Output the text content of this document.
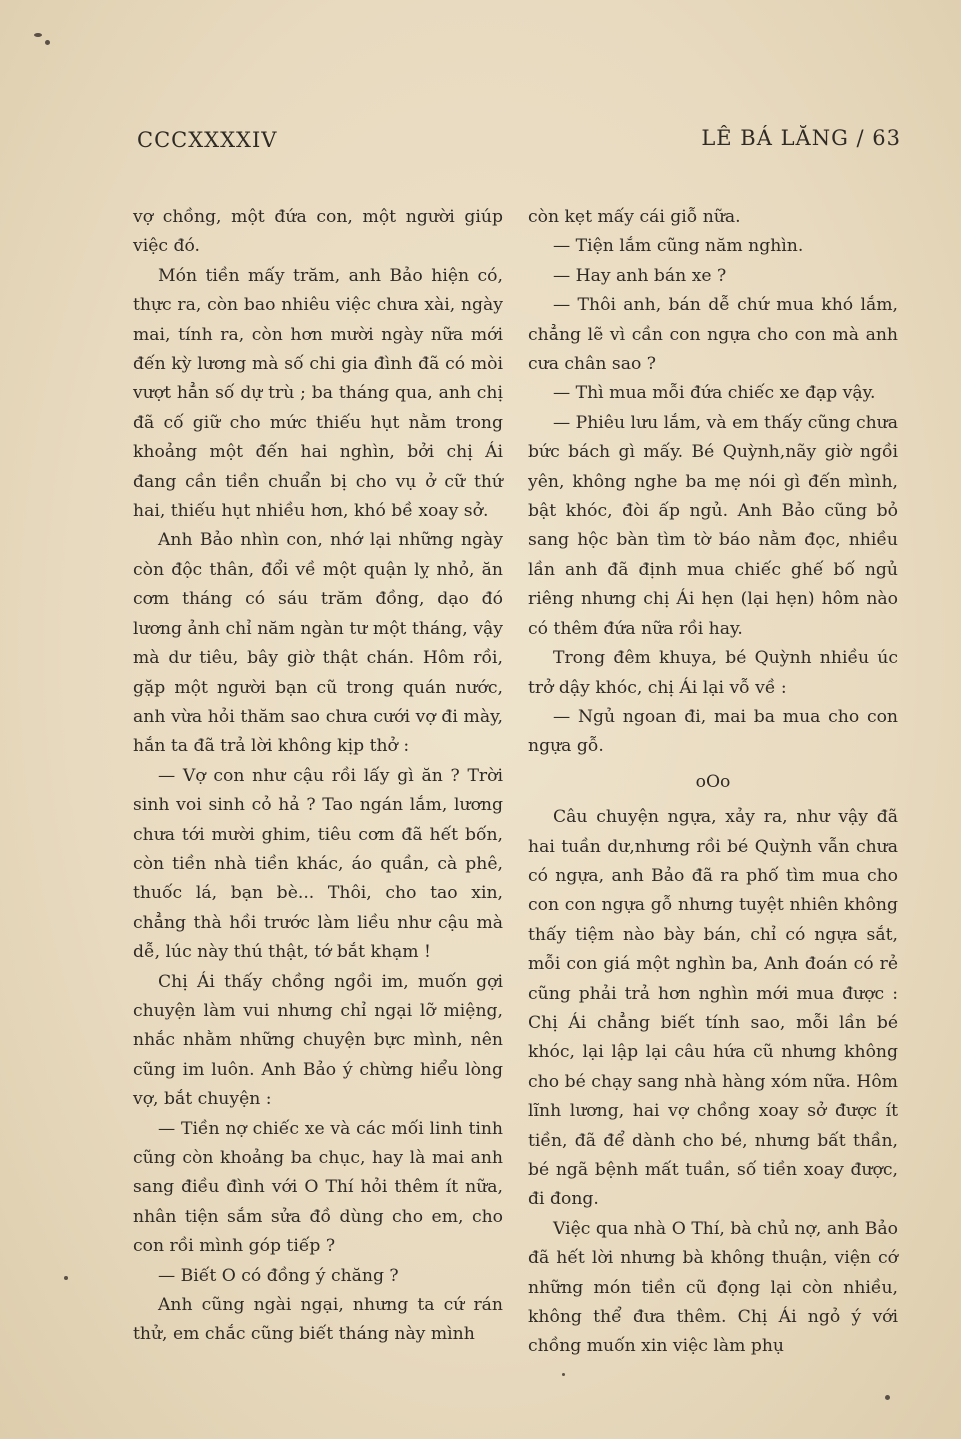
CCCXXXXIV	LÊ BÁ LĂNG / 63

vợ chồng, một đứa con, một người giúp việc đó.

Món tiền mấy trăm, anh Bảo hiện có, thực ra, còn bao nhiêu việc chưa xài, ngày mai, tính ra, còn hơn mười ngày nữa mới đến kỳ lương mà số chi gia đình đã có mòi vượt hẳn số dự trù ; ba tháng qua, anh chị đã cố giữ cho mức thiếu hụt nằm trong khoảng một đến hai nghìn, bởi chị Ái đang cần tiền chuẩn bị cho vụ ở cữ thứ hai, thiếu hụt nhiều hơn, khó bề xoay sở.

Anh Bảo nhìn con, nhớ lại những ngày còn độc thân, đổi về một quận lỵ nhỏ, ăn cơm tháng có sáu trăm đồng, dạo đó lương ảnh chỉ năm ngàn tư một tháng, vậy mà dư tiêu, bây giờ thật chán. Hôm rồi, gặp một người bạn cũ trong quán nước, anh vừa hỏi thăm sao chưa cưới vợ đi mày, hắn ta đã trả lời không kịp thở :

— Vợ con như cậu rồi lấy gì ăn ? Trời sinh voi sinh cỏ hả ? Tao ngán lắm, lương chưa tới mười ghim, tiêu cơm đã hết bốn, còn tiền nhà tiền khác, áo quần, cà phê, thuốc lá, bạn bè... Thôi, cho tao xin, chẳng thà hồi trước làm liều như cậu mà dễ, lúc này thú thật, tớ bắt khạm !

Chị Ái thấy chồng ngồi im, muốn gợi chuyện làm vui nhưng chỉ ngại lỡ miệng, nhắc nhằm những chuyện bực mình, nên cũng im luôn. Anh Bảo ý chừng hiểu lòng vợ, bắt chuyện :

— Tiền nợ chiếc xe và các mối linh tinh cũng còn khoảng ba chục, hay là mai anh sang điều đình với O Thí hỏi thêm ít nữa, nhân tiện sắm sửa đồ dùng cho em, cho con rồi mình góp tiếp ?

— Biết O có đồng ý chăng ?

Anh cũng ngài ngại, nhưng ta cứ rán thử, em chắc cũng biết tháng này mình

còn kẹt mấy cái giỗ nữa.

— Tiện lắm cũng năm nghìn.

— Hay anh bán xe ?

— Thôi anh, bán dễ chứ mua khó lắm, chẳng lẽ vì cần con ngựa cho con mà anh cưa chân sao ?

— Thì mua mỗi đứa chiếc xe đạp vậy.

— Phiêu lưu lắm, và em thấy cũng chưa bức bách gì mấy. Bé Quỳnh,nãy giờ ngồi yên, không nghe ba mẹ nói gì đến mình, bật khóc, đòi ấp ngủ. Anh Bảo cũng bỏ sang hộc bàn tìm tờ báo nằm đọc, nhiều lần anh đã định mua chiếc ghế bố ngủ riêng nhưng chị Ái hẹn (lại hẹn) hôm nào có thêm đứa nữa rồi hay.

Trong đêm khuya, bé Quỳnh nhiều úc trở dậy khóc, chị Ái lại vỗ về :

— Ngủ ngoan đi, mai ba mua cho con ngựa gỗ.

oOo

Câu chuyện ngựa, xảy ra, như vậy đã hai tuần dư,nhưng rồi bé Quỳnh vẫn chưa có ngựa, anh Bảo đã ra phố tìm mua cho con con ngựa gỗ nhưng tuyệt nhiên không thấy tiệm nào bày bán, chỉ có ngựa sắt, mỗi con giá một nghìn ba, Anh đoán có rẻ cũng phải trả hơn nghìn mới mua được : Chị Ái chẳng biết tính sao, mỗi lần bé khóc, lại lập lại câu hứa cũ nhưng không cho bé chạy sang nhà hàng xóm nữa. Hôm lĩnh lương, hai vợ chồng xoay sở được ít tiền, đã để dành cho bé, nhưng bất thần, bé ngã bệnh mất tuần, số tiền xoay được, đi đong.

Việc qua nhà O Thí, bà chủ nợ, anh Bảo đã hết lời nhưng bà không thuận, viện cớ những món tiền cũ đọng lại còn nhiều, không thể đưa thêm. Chị Ái ngỏ ý với chồng muốn xin việc làm phụ
